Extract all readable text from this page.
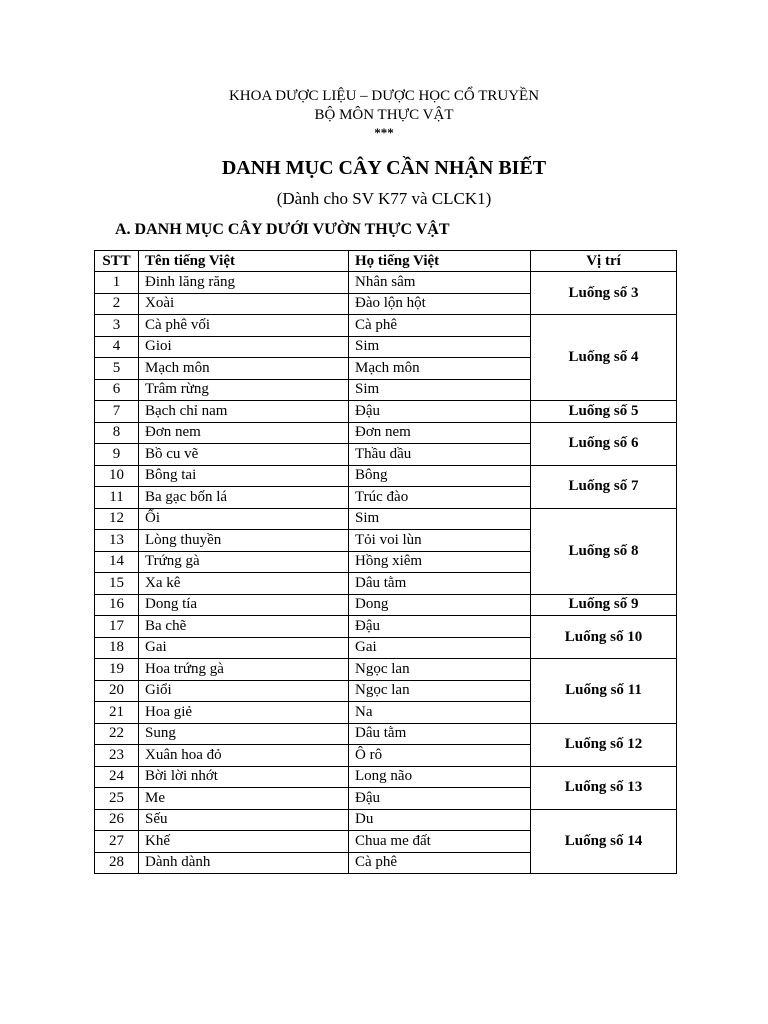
KHOA DƯỢC LIỆU – DƯỢC HỌC CỔ TRUYỀN
BỘ MÔN THỰC VẬT
***
DANH MỤC CÂY CẦN NHẬN BIẾT
(Dành cho SV K77 và CLCK1)
A. DANH MỤC CÂY DƯỚI VƯỜN THỰC VẬT
STT	Tên tiếng Việt	Họ tiếng Việt	Vị trí
1	Đinh lăng răng	Nhân sâm	Luống số 3
2	Xoài	Đào lộn hột	
3	Cà phê vối	Cà phê	Luống số 4
4	Gioi	Sim	
5	Mạch môn	Mạch môn	
6	Trâm rừng	Sim	
7	Bạch chỉ nam	Đậu	Luống số 5
8	Đơn nem	Đơn nem	Luống số 6
9	Bồ cu vẽ	Thầu dầu	
10	Bông tai	Bông	Luống số 7
11	Ba gạc bốn lá	Trúc đào	
12	Ổi	Sim	Luống số 8
13	Lòng thuyền	Tỏi voi lùn	
14	Trứng gà	Hồng xiêm	
15	Xa kê	Dâu tằm	
16	Dong tía	Dong	Luống số 9
17	Ba chẽ	Đậu	Luống số 10
18	Gai	Gai	
19	Hoa trứng gà	Ngọc lan	Luống số 11
20	Giổi	Ngọc lan	
21	Hoa giẻ	Na	
22	Sung	Dâu tằm	Luống số 12
23	Xuân hoa đỏ	Ô rô	
24	Bời lời nhớt	Long não	Luống số 13
25	Me	Đậu	
26	Sếu	Du	Luống số 14
27	Khế	Chua me đất	
28	Dành dành	Cà phê	
